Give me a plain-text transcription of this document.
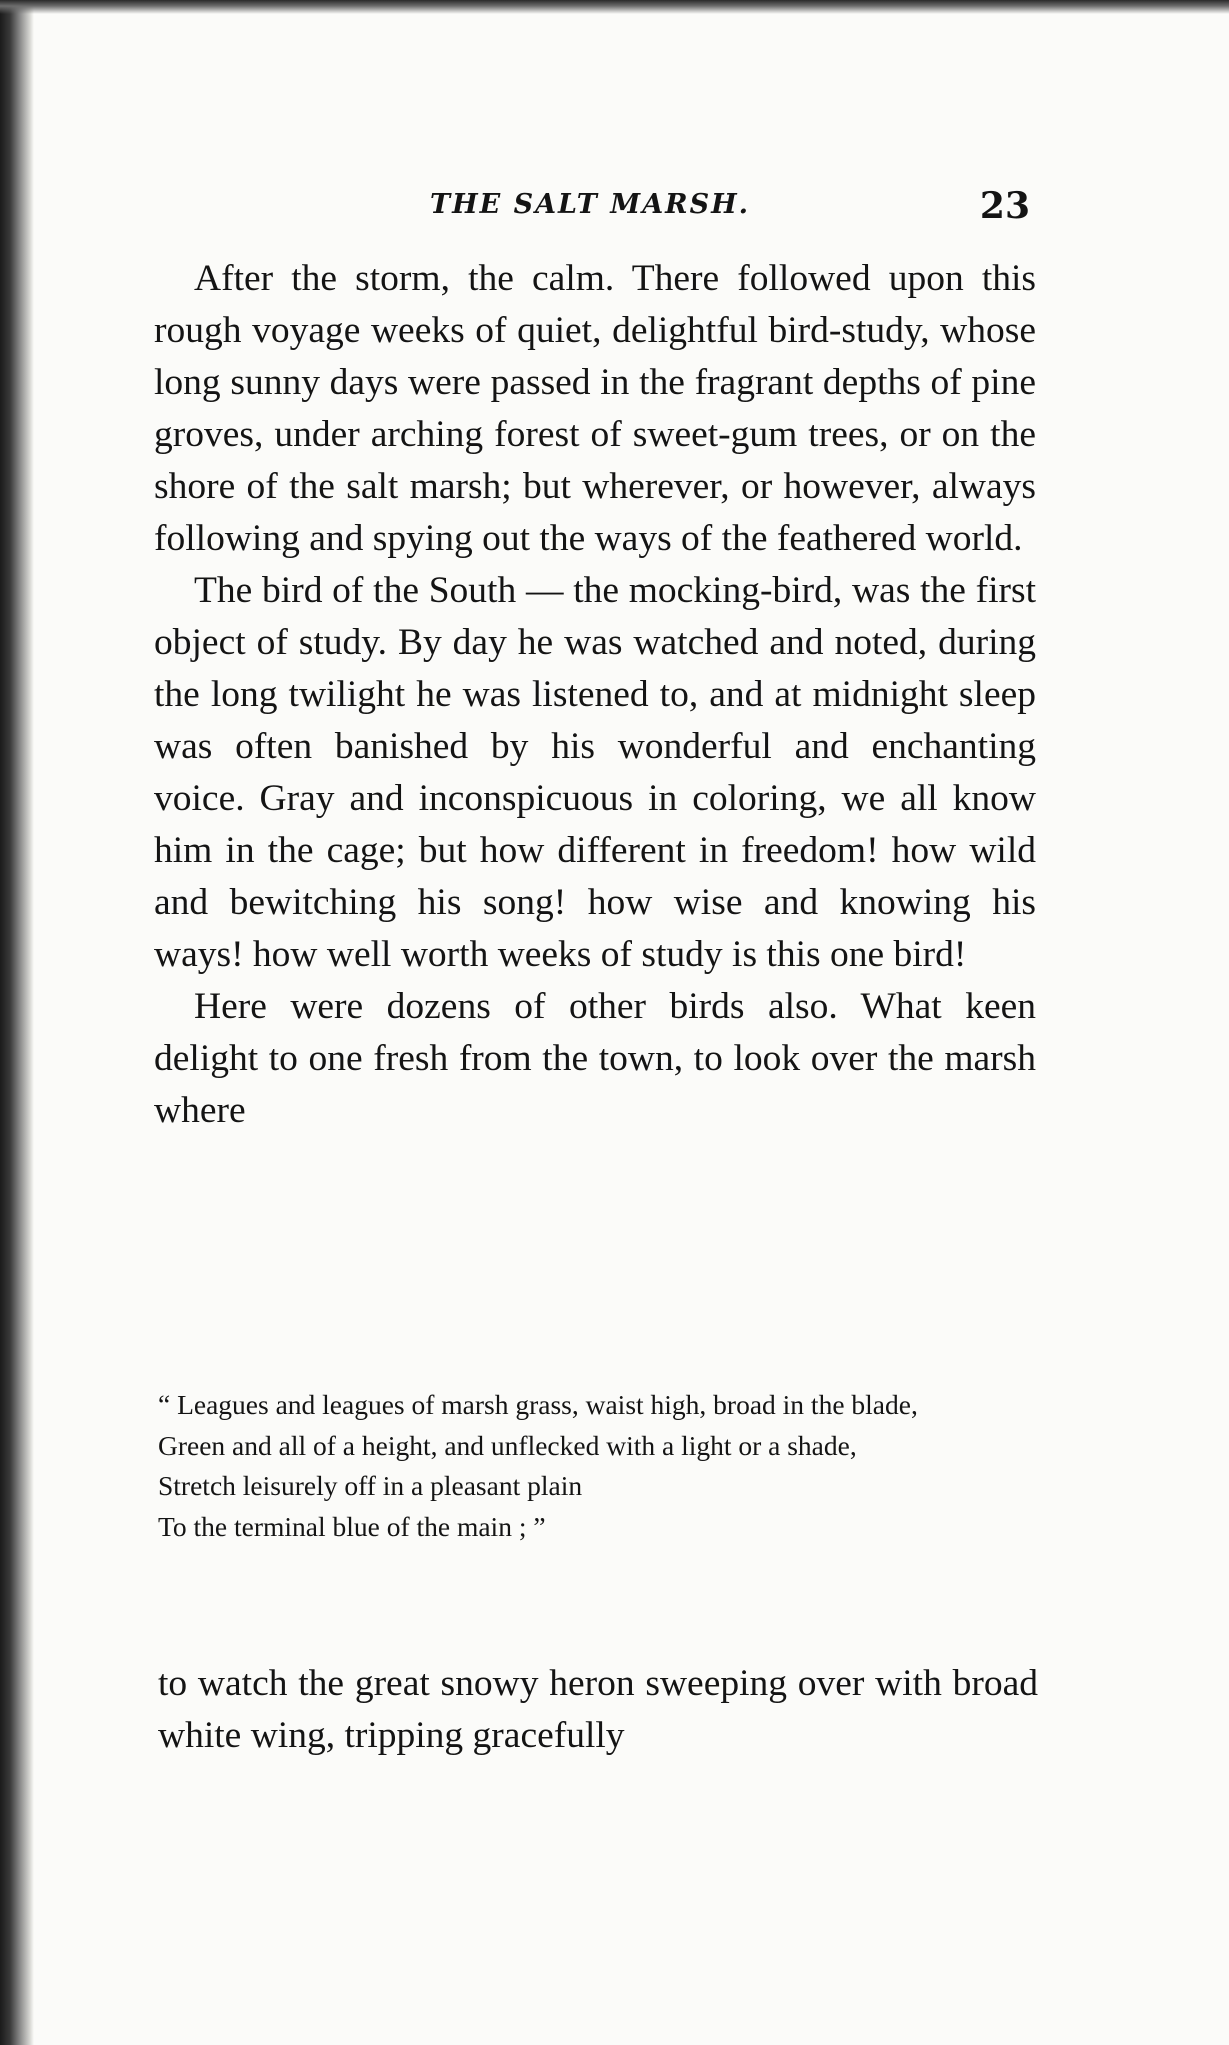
THE SALT MARSH.	23

After the storm, the calm. There followed upon this rough voyage weeks of quiet, delightful bird-study, whose long sunny days were passed in the fragrant depths of pine groves, under arching forest of sweet-gum trees, or on the shore of the salt marsh; but wherever, or however, always following and spying out the ways of the feathered world.

The bird of the South — the mocking-bird, was the first object of study. By day he was watched and noted, during the long twilight he was listened to, and at midnight sleep was often banished by his wonderful and enchanting voice. Gray and inconspicuous in coloring, we all know him in the cage; but how different in freedom! how wild and bewitching his song! how wise and knowing his ways! how well worth weeks of study is this one bird!

Here were dozens of other birds also. What keen delight to one fresh from the town, to look over the marsh where

“ Leagues and leagues of marsh grass, waist high, broad in the blade,

Green and all of a height, and unflecked with a light or a shade,

Stretch leisurely off in a pleasant plain

To the terminal blue of the main ; ”

to watch the great snowy heron sweeping over with broad white wing, tripping gracefully
